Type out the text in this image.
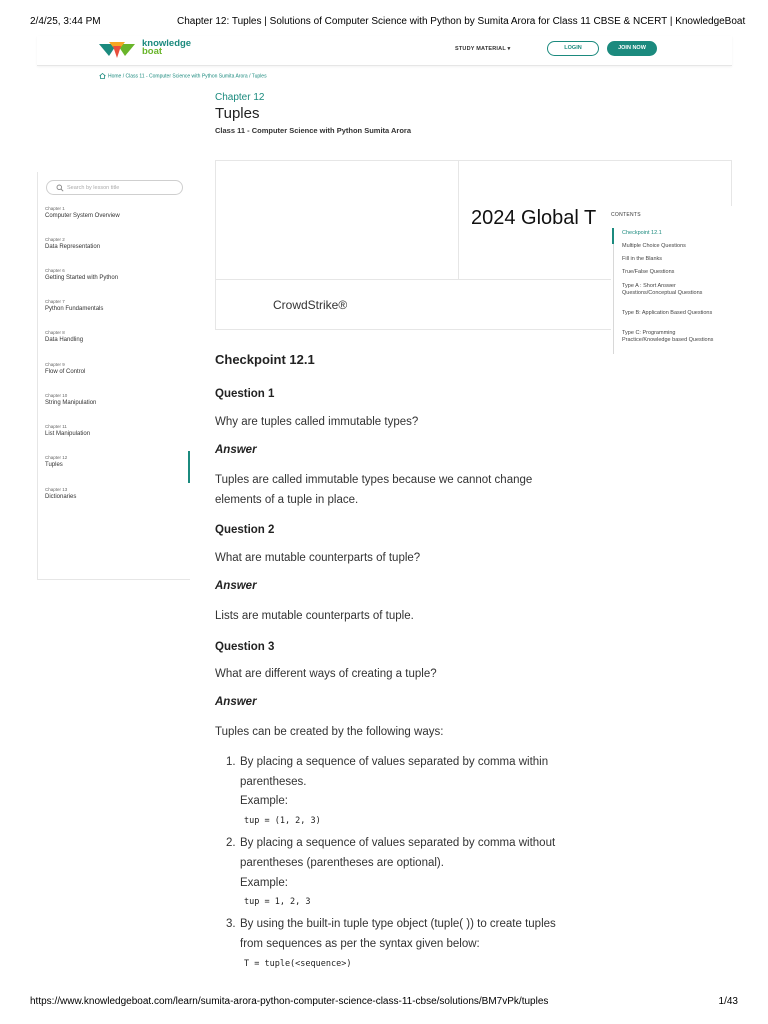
2/4/25, 3:44 PM	Chapter 12: Tuples | Solutions of Computer Science with Python by Sumita Arora for Class 11 CBSE & NCERT | KnowledgeBoat
knowledge
boat	STUDY MATERIAL ▾	LOGIN	JOIN NOW
Home / Class 11 - Computer Science with Python Sumita Arora / Tuples
Chapter 12
Tuples
Class 11 - Computer Science with Python Sumita Arora
Search by lesson title
Chapter 1
Computer System Overview
Chapter 2
Data Representation
Chapter 6
Getting Started with Python
Chapter 7
Python Fundamentals
Chapter 8
Data Handling
Chapter 9
Flow of Control
Chapter 10
String Manipulation
Chapter 11
List Manipulation
Chapter 12
Tuples
Chapter 13
Dictionaries
2024 Global T
CrowdStrike®
CONTENTS
Checkpoint 12.1
Multiple Choice Questions
Fill in the Blanks
True/False Questions
Type A : Short Answer Questions/Conceptual Questions
Type B: Application Based Questions
Type C: Programming Practice/Knowledge based Questions
Checkpoint 12.1
Question 1
Why are tuples called immutable types?
Answer
Tuples are called immutable types because we cannot change
elements of a tuple in place.
Question 2
What are mutable counterparts of tuple?
Answer
Lists are mutable counterparts of tuple.
Question 3
What are different ways of creating a tuple?
Answer
Tuples can be created by the following ways:
1. By placing a sequence of values separated by comma within
parentheses.
Example:
tup = (1, 2, 3)
2. By placing a sequence of values separated by comma without
parentheses (parentheses are optional).
Example:
tup = 1, 2, 3
3. By using the built-in tuple type object (tuple( )) to create tuples
from sequences as per the syntax given below:
T = tuple(<sequence>)
https://www.knowledgeboat.com/learn/sumita-arora-python-computer-science-class-11-cbse/solutions/BM7vPk/tuples	1/43
